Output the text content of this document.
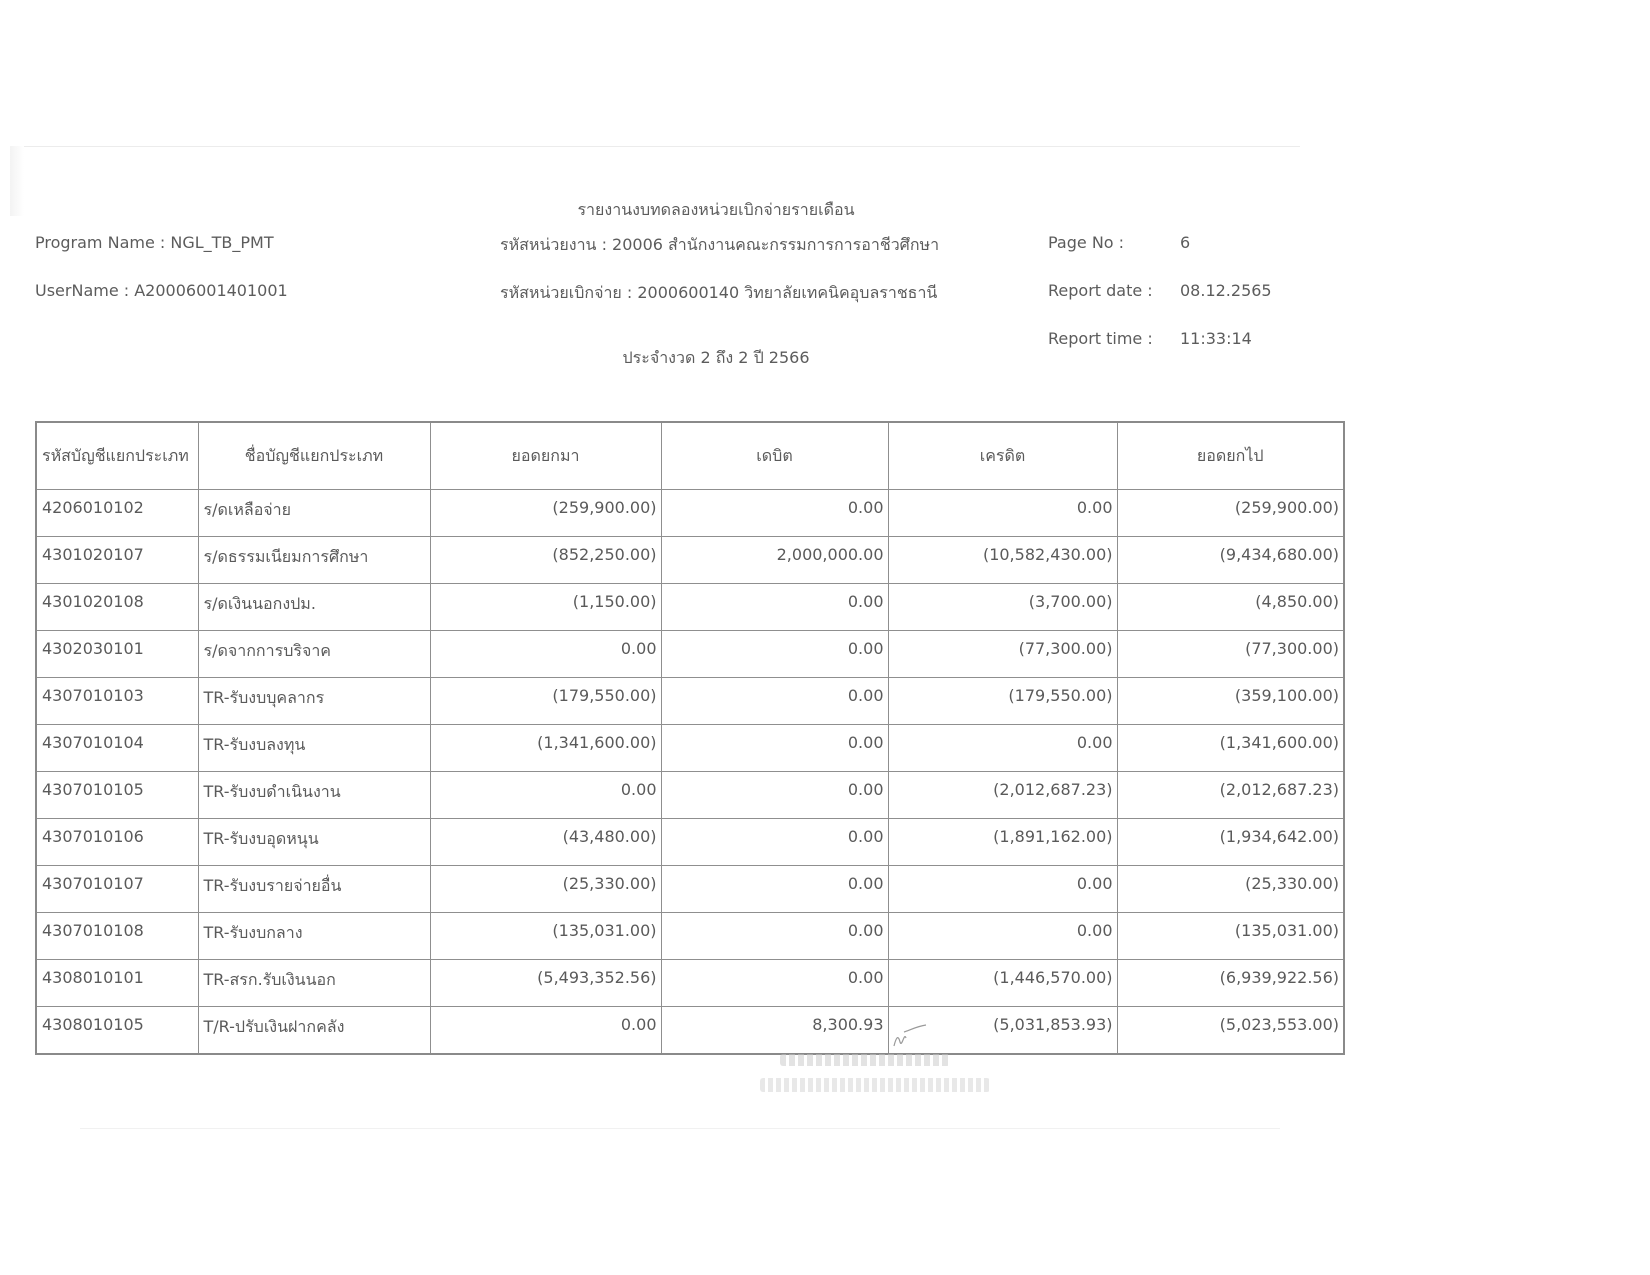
รายงานงบทดลองหน่วยเบิกจ่ายรายเดือน
Program Name : NGL_TB_PMT
UserName : A20006001401001
รหัสหน่วยงาน : 20006 สำนักงานคณะกรรมการการอาชีวศึกษา
รหัสหน่วยเบิกจ่าย : 2000600140 วิทยาลัยเทคนิคอุบลราชธานี
ประจำงวด 2 ถึง 2 ปี 2566
Page No :	6
Report date : 08.12.2565
Report time : 11:33:14
รหัสบัญชีแยกประเภท	ชื่อบัญชีแยกประเภท	ยอดยกมา	เดบิต	เครดิต	ยอดยกไป
4206010102	ร/ดเหลือจ่าย	(259,900.00)	0.00	0.00	(259,900.00)
4301020107	ร/ดธรรมเนียมการศึกษา	(852,250.00)	2,000,000.00	(10,582,430.00)	(9,434,680.00)
4301020108	ร/ดเงินนอกงปม.	(1,150.00)	0.00	(3,700.00)	(4,850.00)
4302030101	ร/ดจากการบริจาค	0.00	0.00	(77,300.00)	(77,300.00)
4307010103	TR-รับงบบุคลากร	(179,550.00)	0.00	(179,550.00)	(359,100.00)
4307010104	TR-รับงบลงทุน	(1,341,600.00)	0.00	0.00	(1,341,600.00)
4307010105	TR-รับงบดำเนินงาน	0.00	0.00	(2,012,687.23)	(2,012,687.23)
4307010106	TR-รับงบอุดหนุน	(43,480.00)	0.00	(1,891,162.00)	(1,934,642.00)
4307010107	TR-รับงบรายจ่ายอื่น	(25,330.00)	0.00	0.00	(25,330.00)
4307010108	TR-รับงบกลาง	(135,031.00)	0.00	0.00	(135,031.00)
4308010101	TR-สรก.รับเงินนอก	(5,493,352.56)	0.00	(1,446,570.00)	(6,939,922.56)
4308010105	T/R-ปรับเงินฝากคลัง	0.00	8,300.93	(5,031,853.93)	(5,023,553.00)
